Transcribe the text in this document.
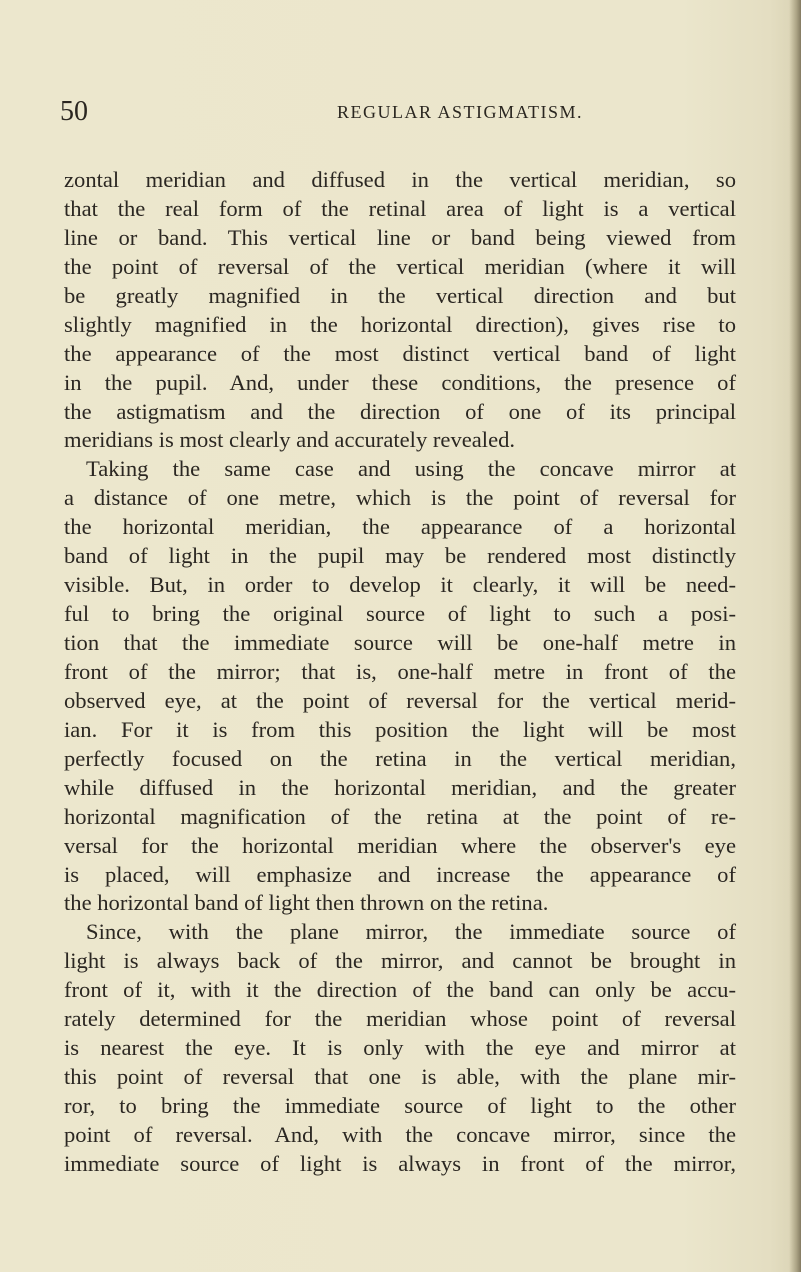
50	REGULAR ASTIGMATISM.
zontal meridian and diffused in the vertical meridian, so
that the real form of the retinal area of light is a vertical
line or band. This vertical line or band being viewed from
the point of reversal of the vertical meridian (where it will
be greatly magnified in the vertical direction and but
slightly magnified in the horizontal direction), gives rise to
the appearance of the most distinct vertical band of light
in the pupil. And, under these conditions, the presence of
the astigmatism and the direction of one of its principal
meridians is most clearly and accurately revealed.
Taking the same case and using the concave mirror at
a distance of one metre, which is the point of reversal for
the horizontal meridian, the appearance of a horizontal
band of light in the pupil may be rendered most distinctly
visible. But, in order to develop it clearly, it will be need-
ful to bring the original source of light to such a posi-
tion that the immediate source will be one-half metre in
front of the mirror; that is, one-half metre in front of the
observed eye, at the point of reversal for the vertical merid-
ian. For it is from this position the light will be most
perfectly focused on the retina in the vertical meridian,
while diffused in the horizontal meridian, and the greater
horizontal magnification of the retina at the point of re-
versal for the horizontal meridian where the observer's eye
is placed, will emphasize and increase the appearance of
the horizontal band of light then thrown on the retina.
Since, with the plane mirror, the immediate source of
light is always back of the mirror, and cannot be brought in
front of it, with it the direction of the band can only be accu-
rately determined for the meridian whose point of reversal
is nearest the eye. It is only with the eye and mirror at
this point of reversal that one is able, with the plane mir-
ror, to bring the immediate source of light to the other
point of reversal. And, with the concave mirror, since the
immediate source of light is always in front of the mirror,
